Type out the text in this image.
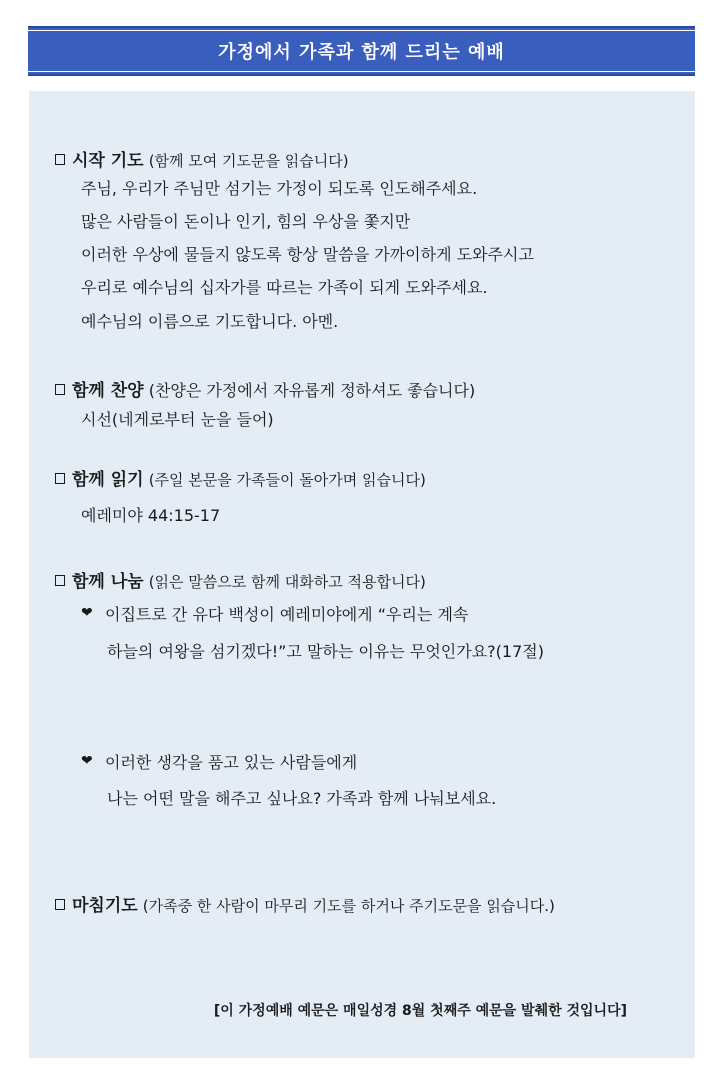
가정에서 가족과 함께 드리는 예배
시작 기도 (함께 모여 기도문을 읽습니다)
주님, 우리가 주님만 섬기는 가정이 되도록 인도해주세요.
많은 사람들이 돈이나 인기, 힘의 우상을 쫓지만
이러한 우상에 물들지 않도록 항상 말씀을 가까이하게 도와주시고
우리로 예수님의 십자가를 따르는 가족이 되게 도와주세요.
예수님의 이름으로 기도합니다. 아멘.
함께 찬양 (찬양은 가정에서 자유롭게 정하셔도 좋습니다)
시선(네게로부터 눈을 들어)
함께 읽기 (주일 본문을 가족들이 돌아가며 읽습니다)
예레미야 44:15-17
함께 나눔 (읽은 말씀으로 함께 대화하고 적용합니다)
❤ 이집트로 간 유다 백성이 예레미야에게 “우리는 계속
하늘의 여왕을 섬기겠다!”고 말하는 이유는 무엇인가요?(17절)
❤ 이러한 생각을 품고 있는 사람들에게
나는 어떤 말을 해주고 싶나요? 가족과 함께 나눠보세요.
마침기도 (가족중 한 사람이 마무리 기도를 하거나 주기도문을 읽습니다.)
[이 가정예배 예문은 매일성경 8월 첫째주 예문을 발췌한 것입니다]
